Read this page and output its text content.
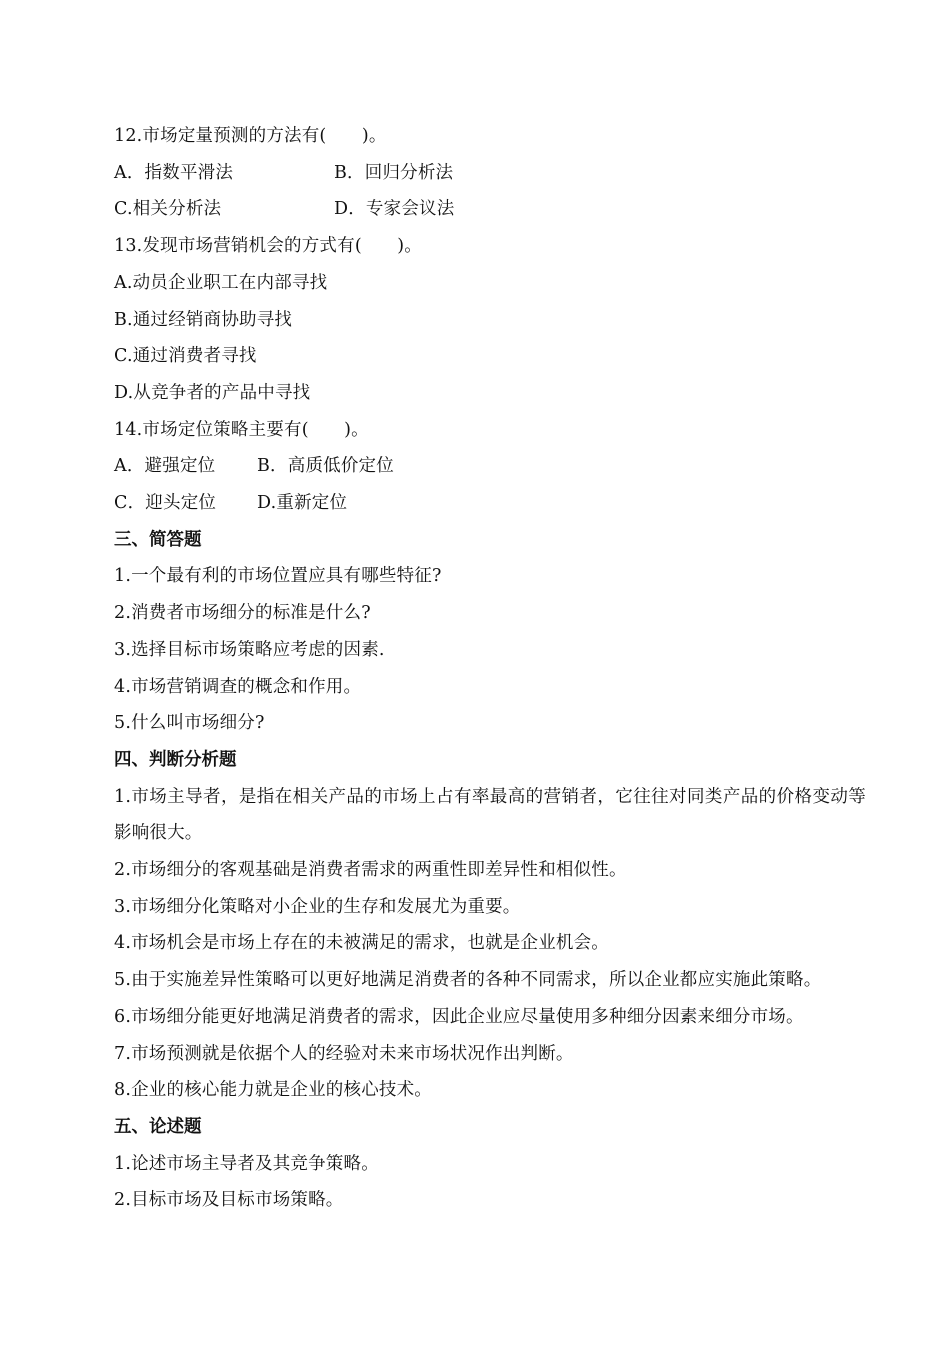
12.市场定量预测的方法有(　　)。
A．指数平滑法	B．回归分析法
C.相关分析法	D．专家会议法
13.发现市场营销机会的方式有(　　)。
A.动员企业职工在内部寻找
B.通过经销商协助寻找
C.通过消费者寻找
D.从竞争者的产品中寻找
14.市场定位策略主要有(　　)。
A．避强定位	B．高质低价定位
C．迎头定位	D.重新定位
三、简答题
1.一个最有利的市场位置应具有哪些特征?
2.消费者市场细分的标准是什么?
3.选择目标市场策略应考虑的因素.
4.市场营销调查的概念和作用。
5.什么叫市场细分?
四、判断分析题
1.市场主导者，是指在相关产品的市场上占有率最高的营销者，它往往对同类产品的价格变动等影响很大。
2.市场细分的客观基础是消费者需求的两重性即差异性和相似性。
3.市场细分化策略对小企业的生存和发展尤为重要。
4.市场机会是市场上存在的未被满足的需求，也就是企业机会。
5.由于实施差异性策略可以更好地满足消费者的各种不同需求，所以企业都应实施此策略。
6.市场细分能更好地满足消费者的需求，因此企业应尽量使用多种细分因素来细分市场。
7.市场预测就是依据个人的经验对未来市场状况作出判断。
8.企业的核心能力就是企业的核心技术。
五、论述题
1.论述市场主导者及其竞争策略。
2.目标市场及目标市场策略。
